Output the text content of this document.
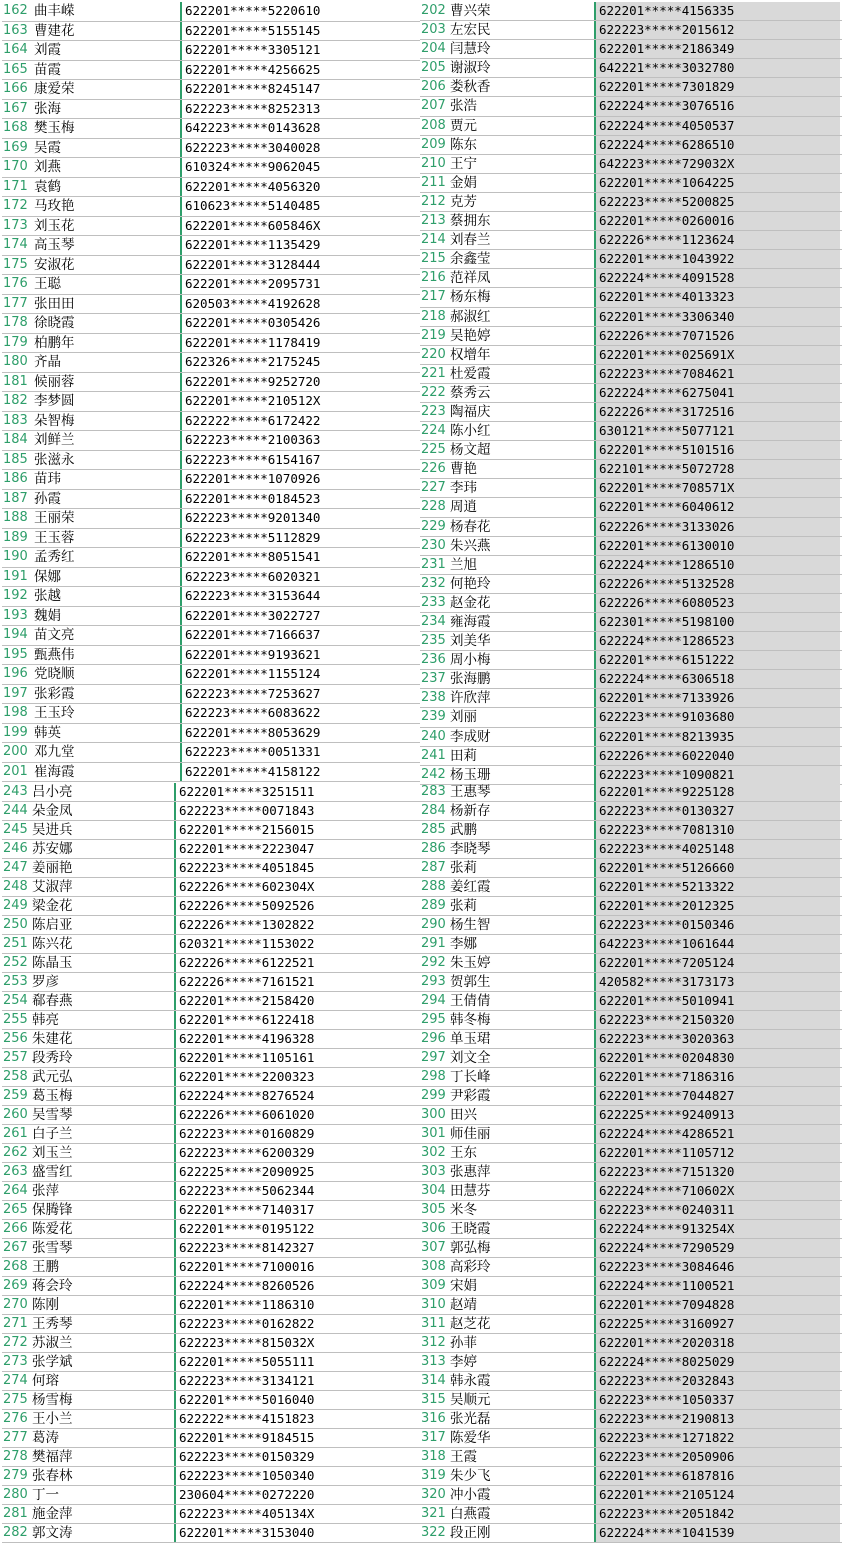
162 曲丰嵘	622201*****5220610
163 曹建花	622201*****5155145
164 刘霞	622201*****3305121
165 苗霞	622201*****4256625
166 康爱荣	622201*****8245147
167 张海	622223*****8252313
168 樊玉梅	642223*****0143628
169 吴霞	622223*****3040028
170 刘燕	610324*****9062045
171 袁鹤	622201*****4056320
172 马玫艳	610623*****5140485
173 刘玉花	622201*****605846X
174 高玉琴	622201*****1135429
175 安淑花	622201*****3128444
176 王聪	622201*****2095731
177 张田田	620503*****4192628
178 徐晓霞	622201*****0305426
179 柏鹏年	622201*****1178419
180 齐晶	622326*****2175245
181 候丽蓉	622201*****9252720
182 李梦圆	622201*****210512X
183 朵智梅	622222*****6172422
184 刘鲜兰	622223*****2100363
185 张滋永	622223*****6154167
186 苗玮	622201*****1070926
187 孙霞	622201*****0184523
188 王丽荣	622223*****9201340
189 王玉蓉	622223*****5112829
190 孟秀红	622201*****8051541
191 保娜	622223*****6020321
192 张越	622223*****3153644
193 魏娟	622201*****3022727
194 苗文亮	622201*****7166637
195 甄燕伟	622201*****9193621
196 党晓顺	622201*****1155124
197 张彩霞	622223*****7253627
198 王玉玲	622223*****6083622
199 韩英	622201*****8053629
200 邓九堂	622223*****0051331
201 崔海霞	622201*****4158122
202 曹兴荣	622201*****4156335
203 左宏民	622223*****2015612
204 闫慧玲	622201*****2186349
205 谢淑玲	642221*****3032780
206 娄秋香	622201*****7301829
207 张浩	622224*****3076516
208 贾元	622224*****4050537
209 陈东	622224*****6286510
210 王宁	642223*****729032X
211 金娟	622201*****1064225
212 克芳	622223*****5200825
213 蔡拥东	622201*****0260016
214 刘春兰	622226*****1123624
215 余鑫莹	622201*****1043922
216 范祥凤	622224*****4091528
217 杨东梅	622201*****4013323
218 郝淑红	622201*****3306340
219 吴艳婷	622226*****7071526
220 权增年	622201*****025691X
221 杜爱霞	622223*****7084621
222 蔡秀云	622224*****6275041
223 陶福庆	622226*****3172516
224 陈小红	630121*****5077121
225 杨文超	622201*****5101516
226 曹艳	622101*****5072728
227 李玮	622201*****708571X
228 周逍	622201*****6040612
229 杨春花	622226*****3133026
230 朱兴燕	622201*****6130010
231 兰旭	622224*****1286510
232 何艳玲	622226*****5132528
233 赵金花	622226*****6080523
234 雍海霞	622301*****5198100
235 刘美华	622224*****1286523
236 周小梅	622201*****6151222
237 张海鹏	622224*****6306518
238 许欣萍	622201*****7133926
239 刘丽	622223*****9103680
240 李成财	622201*****8213935
241 田莉	622226*****6022040
242 杨玉珊	622223*****1090821
243 吕小亮	622201*****3251511
244 朵金凤	622223*****0071843
245 吴进兵	622201*****2156015
246 苏安娜	622201*****2223047
247 姜丽艳	622223*****4051845
248 艾淑萍	622226*****602304X
249 梁金花	622226*****5092526
250 陈启亚	622226*****1302822
251 陈兴花	620321*****1153022
252 陈晶玉	622226*****6122521
253 罗彦	622226*****7161521
254 郗春燕	622201*****2158420
255 韩亮	622201*****6122418
256 朱建花	622201*****4196328
257 段秀玲	622201*****1105161
258 武元弘	622201*****2200323
259 葛玉梅	622224*****8276524
260 吴雪琴	622226*****6061020
261 白子兰	622223*****0160829
262 刘玉兰	622223*****6200329
263 盛雪红	622225*****2090925
264 张萍	622223*****5062344
265 保腾锋	622201*****7140317
266 陈爱花	622201*****0195122
267 张雪琴	622223*****8142327
268 王鹏	622201*****7100016
269 蒋会玲	622224*****8260526
270 陈刚	622201*****1186310
271 王秀琴	622223*****0162822
272 苏淑兰	622223*****815032X
273 张学斌	622201*****5055111
274 何瑢	622223*****3134121
275 杨雪梅	622201*****5016040
276 王小兰	622222*****4151823
277 葛涛	622201*****9184515
278 樊福萍	622223*****0150329
279 张春林	622223*****1050340
280 丁一	230604*****0272220
281 施金萍	622223*****405134X
282 郭文涛	622201*****3153040
283 王惠琴	622201*****9225128
284 杨新存	622223*****0130327
285 武鹏	622223*****7081310
286 李晓琴	622223*****4025148
287 张莉	622201*****5126660
288 姜红霞	622201*****5213322
289 张莉	622201*****2012325
290 杨生智	622223*****0150346
291 李娜	642223*****1061644
292 朱玉婷	622201*****7205124
293 贺郭生	420582*****3173173
294 王倩倩	622201*****5010941
295 韩冬梅	622223*****2150320
296 单玉珺	622223*****3020363
297 刘文全	622201*****0204830
298 丁长峰	622201*****7186316
299 尹彩霞	622201*****7044827
300 田兴	622225*****9240913
301 师佳丽	622224*****4286521
302 王东	622201*****1105712
303 张惠萍	622223*****7151320
304 田慧芬	622224*****710602X
305 米冬	622223*****0240311
306 王晓霞	622224*****913254X
307 郭弘梅	622224*****7290529
308 高彩玲	622223*****3084646
309 宋娟	622224*****1100521
310 赵靖	622201*****7094828
311 赵芝花	622225*****3160927
312 孙菲	622201*****2020318
313 李婷	622224*****8025029
314 韩永霞	622223*****2032843
315 吴顺元	622223*****1050337
316 张光磊	622223*****2190813
317 陈爱华	622223*****1271822
318 王霞	622223*****2050906
319 朱少飞	622201*****6187816
320 冲小霞	622201*****2105124
321 白燕霞	622223*****2051842
322 段正刚	622224*****1041539
